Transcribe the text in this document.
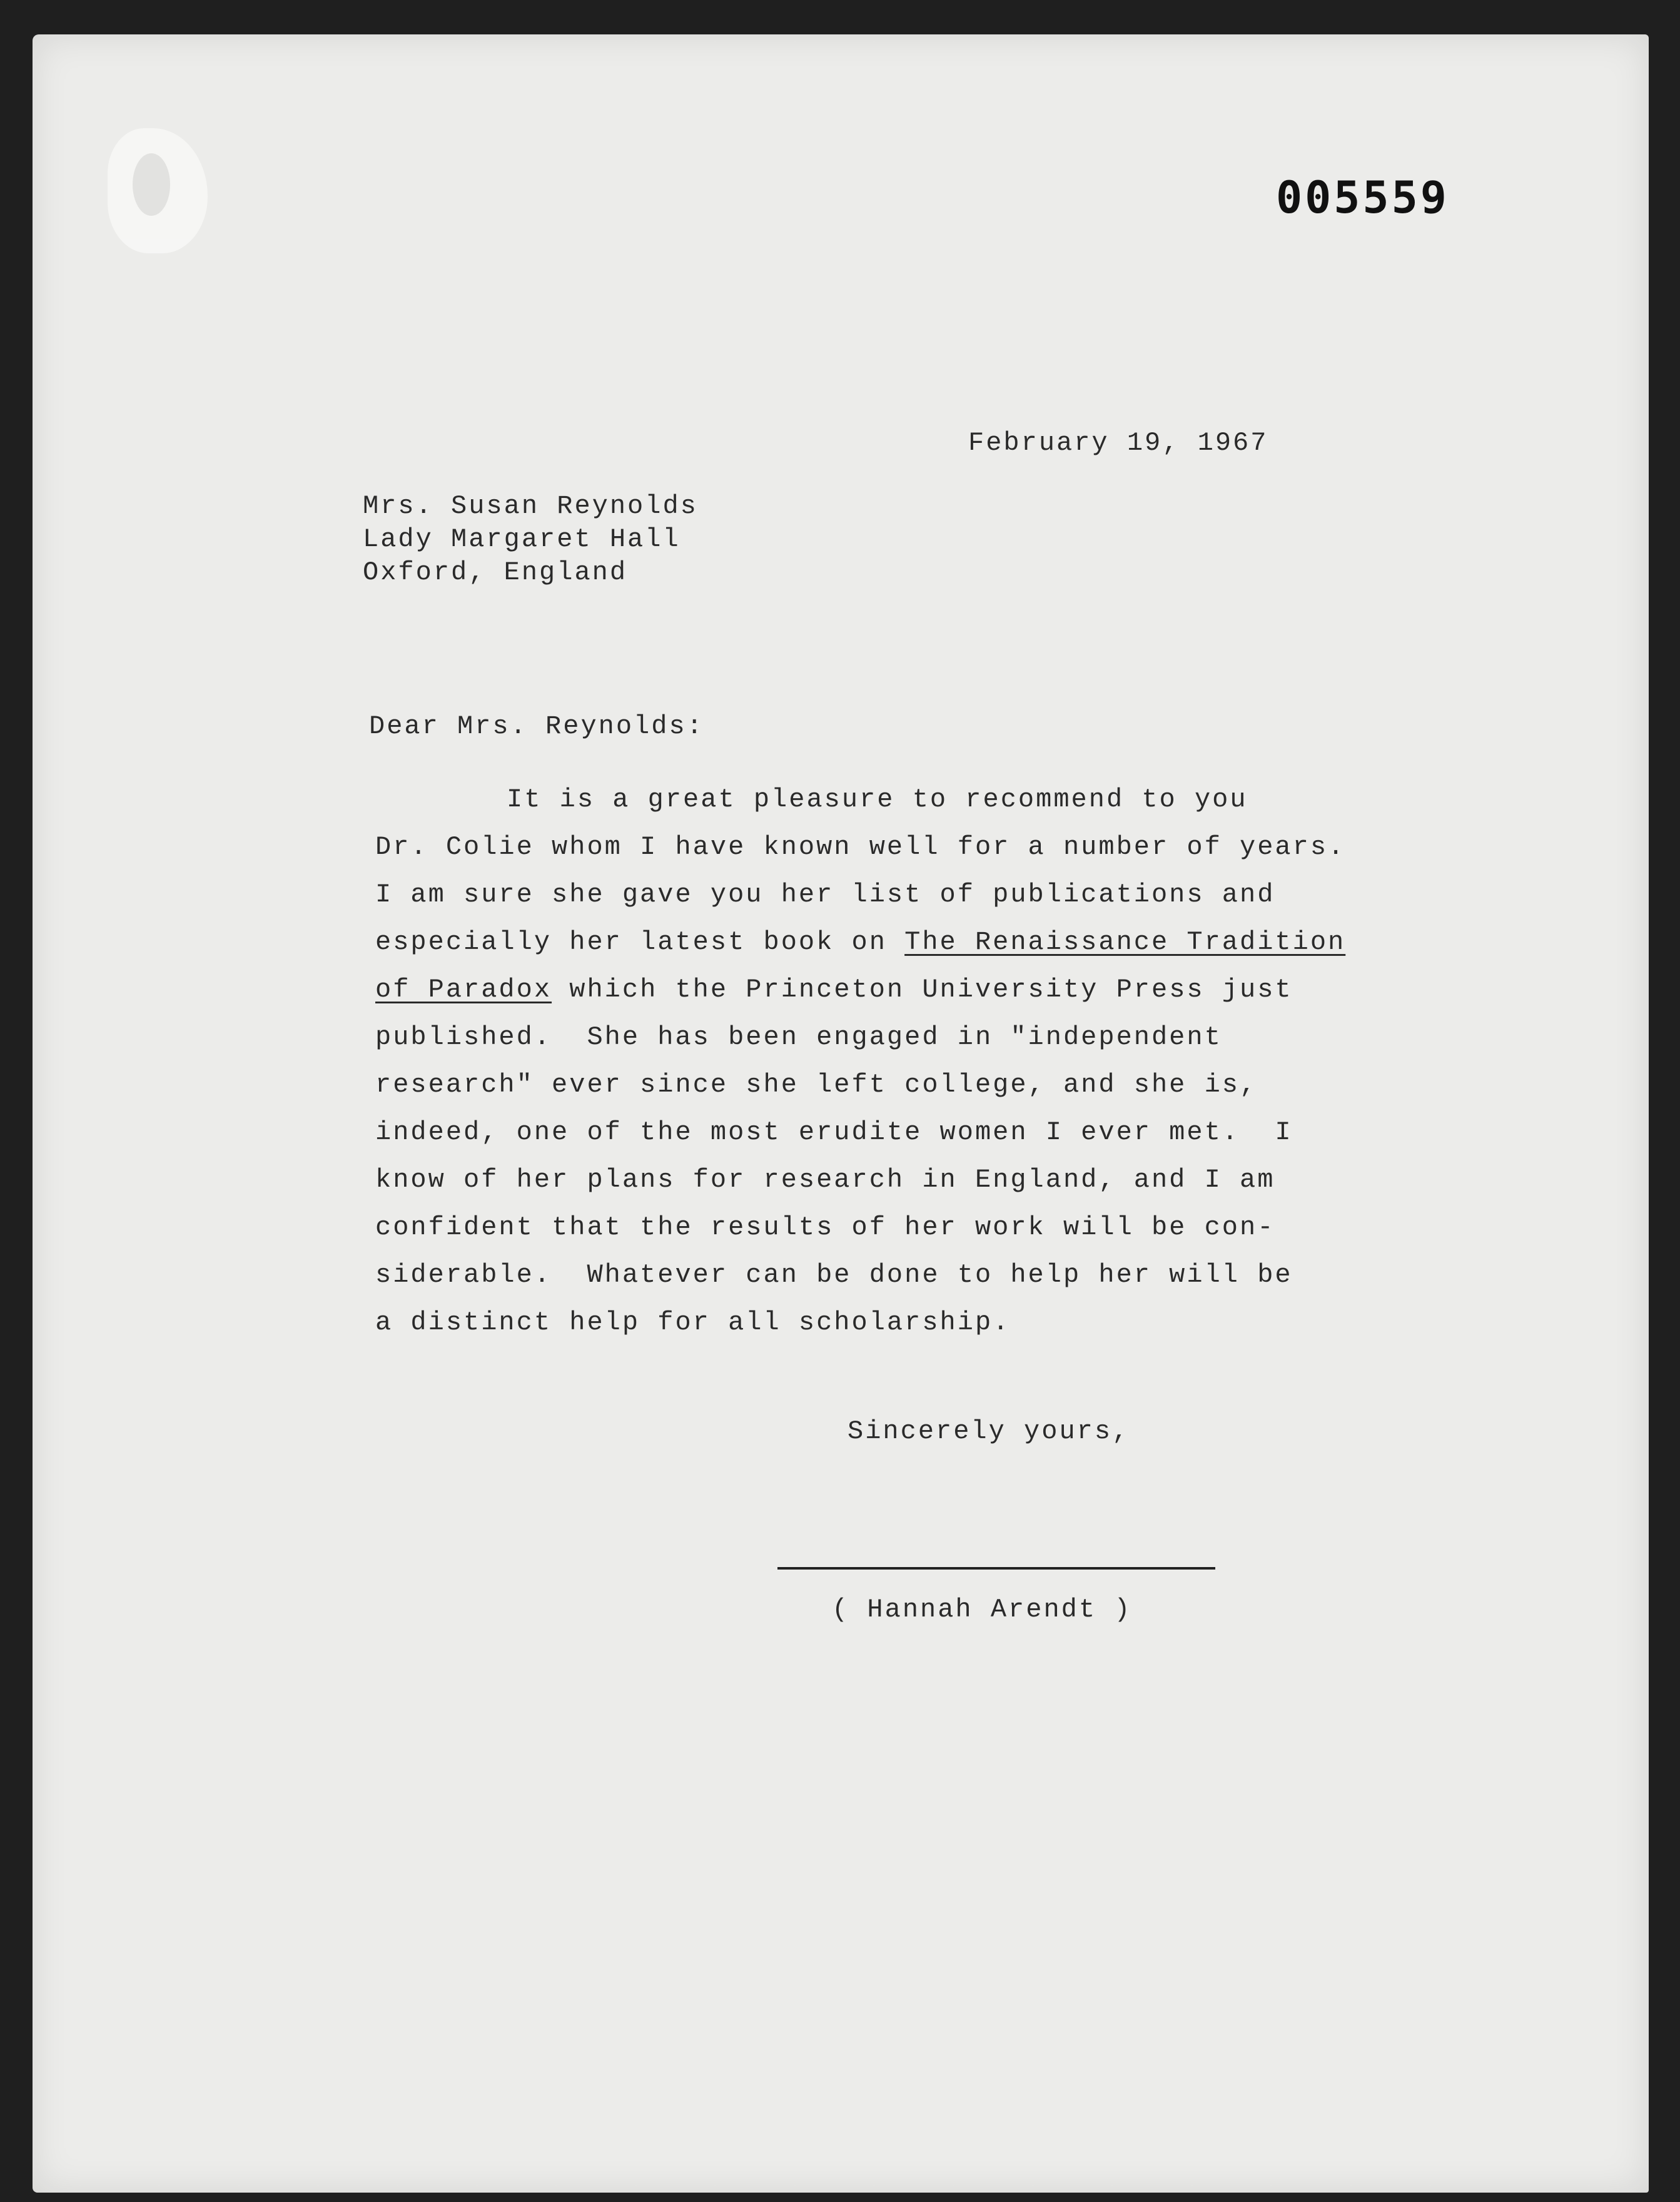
005559
February 19, 1967
Mrs. Susan Reynolds
Lady Margaret Hall
Oxford, England
Dear Mrs. Reynolds:
It is a great pleasure to recommend to you
Dr. Colie whom I have known well for a number of years.
I am sure she gave you her list of publications and
especially her latest book on The Renaissance Tradition
of Paradox which the Princeton University Press just
published.  She has been engaged in "independent
research" ever since she left college, and she is,
indeed, one of the most erudite women I ever met.  I
know of her plans for research in England, and I am
confident that the results of her work will be con-
siderable.  Whatever can be done to help her will be
a distinct help for all scholarship.
Sincerely yours,
( Hannah Arendt )
